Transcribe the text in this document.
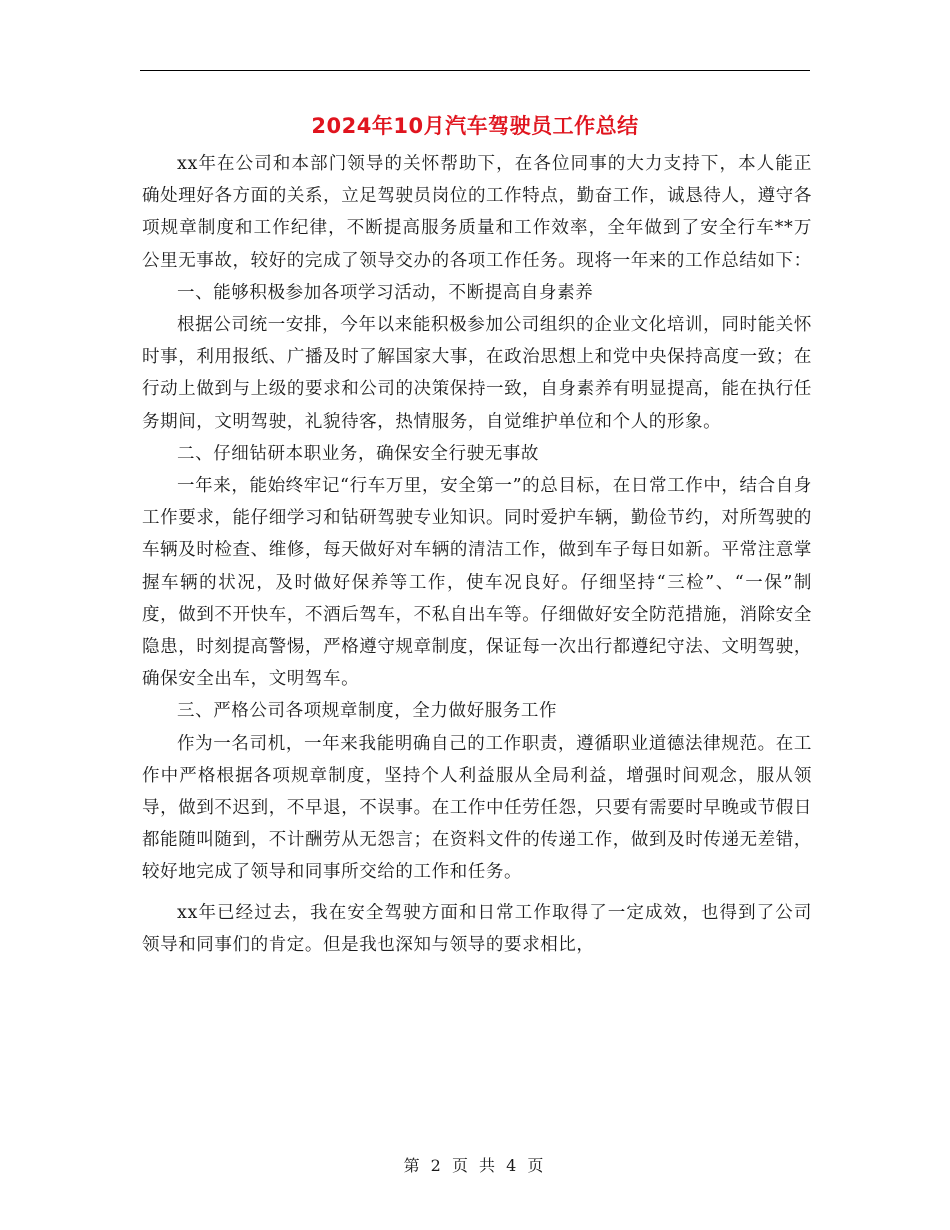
2024年10月汽车驾驶员工作总结

xx年在公司和本部门领导的关怀帮助下，在各位同事的大力支持下，本人能正确处理好各方面的关系，立足驾驶员岗位的工作特点，勤奋工作，诚恳待人，遵守各项规章制度和工作纪律，不断提高服务质量和工作效率，全年做到了安全行车**万公里无事故，较好的完成了领导交办的各项工作任务。现将一年来的工作总结如下：

一、能够积极参加各项学习活动，不断提高自身素养

根据公司统一安排，今年以来能积极参加公司组织的企业文化培训，同时能关怀时事，利用报纸、广播及时了解国家大事，在政治思想上和党中央保持高度一致；在行动上做到与上级的要求和公司的决策保持一致，自身素养有明显提高，能在执行任务期间，文明驾驶，礼貌待客，热情服务，自觉维护单位和个人的形象。

二、仔细钻研本职业务，确保安全行驶无事故

一年来，能始终牢记“行车万里，安全第一”的总目标，在日常工作中，结合自身工作要求，能仔细学习和钻研驾驶专业知识。同时爱护车辆，勤俭节约，对所驾驶的车辆及时检查、维修，每天做好对车辆的清洁工作，做到车子每日如新。平常注意掌握车辆的状况，及时做好保养等工作，使车况良好。仔细坚持“三检”、“一保”制度，做到不开快车，不酒后驾车，不私自出车等。仔细做好安全防范措施，消除安全隐患，时刻提高警惕，严格遵守规章制度，保证每一次出行都遵纪守法、文明驾驶，确保安全出车，文明驾车。

三、严格公司各项规章制度，全力做好服务工作

作为一名司机，一年来我能明确自己的工作职责，遵循职业道德法律规范。在工作中严格根据各项规章制度，坚持个人利益服从全局利益，增强时间观念，服从领导，做到不迟到，不早退，不误事。在工作中任劳任怨，只要有需要时早晚或节假日都能随叫随到，不计酬劳从无怨言；在资料文件的传递工作，做到及时传递无差错，较好地完成了领导和同事所交给的工作和任务。

xx年已经过去，我在安全驾驶方面和日常工作取得了一定成效，也得到了公司领导和同事们的肯定。但是我也深知与领导的要求相比，

第 2 页 共 4 页
